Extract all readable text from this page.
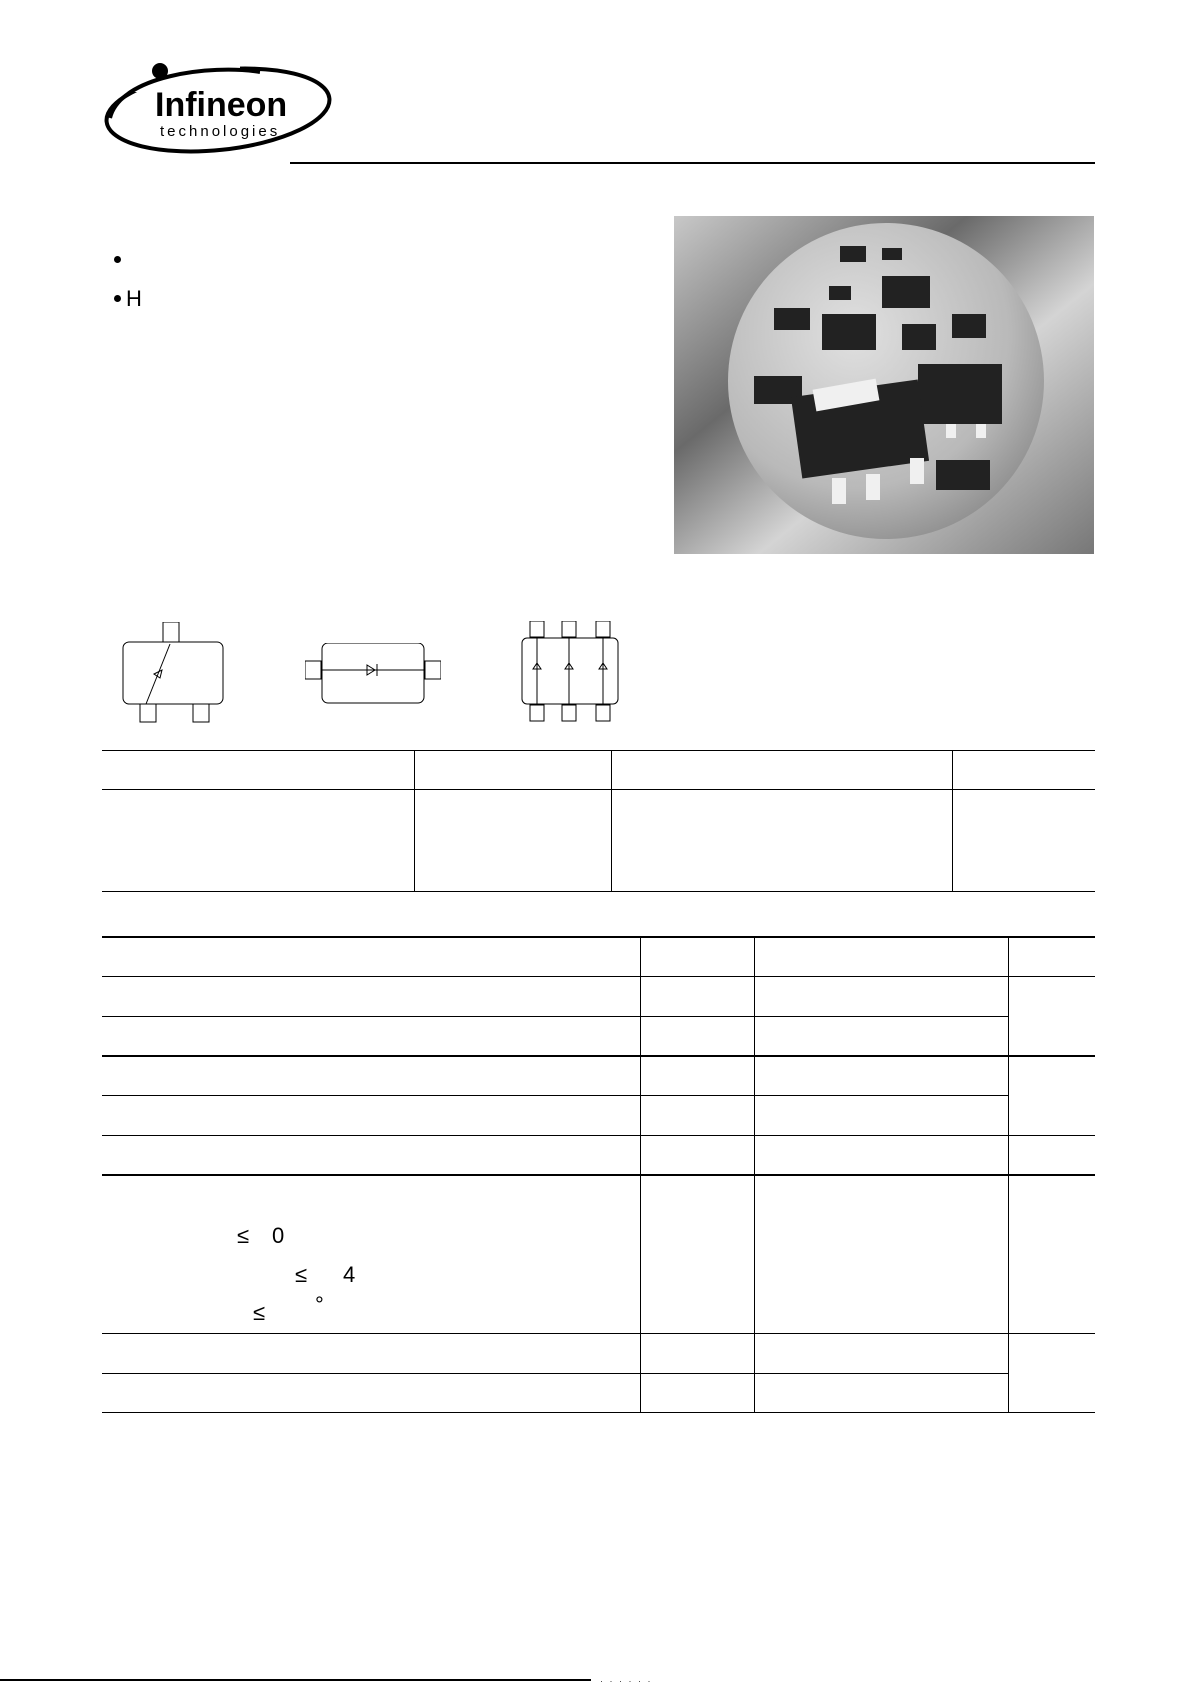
Infineon
technologies
H
≤ 0
≤ 4
≤ °
· · · · · ·
